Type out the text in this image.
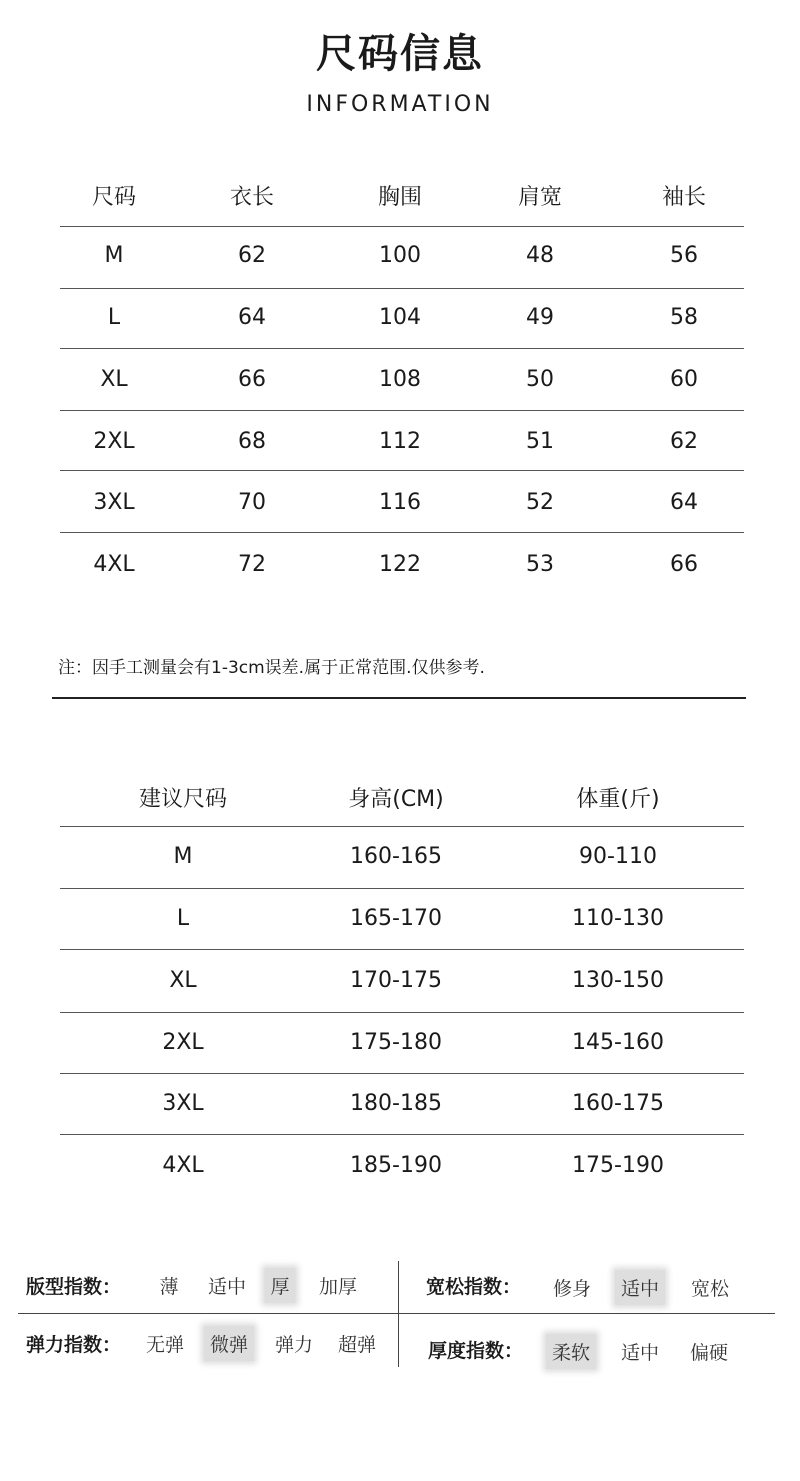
尺码信息
INFORMATION
尺码	衣长	胸围	肩宽	袖长
M	62	100	48	56
L	64	104	49	58
XL	66	108	50	60
2XL	68	112	51	62
3XL	70	116	52	64
4XL	72	122	53	66
注：因手工测量会有1-3cm误差.属于正常范围.仅供参考.
建议尺码	身高(CM)	体重(斤)
M	160-165	90-110
L	165-170	110-130
XL	170-175	130-150
2XL	175-180	145-160
3XL	180-185	160-175
4XL	185-190	175-190
版型指数：	薄	适中	厚	加厚	宽松指数：	修身	适中	宽松
弹力指数：	无弹	微弹	弹力	超弹	厚度指数：	柔软	适中	偏硬
